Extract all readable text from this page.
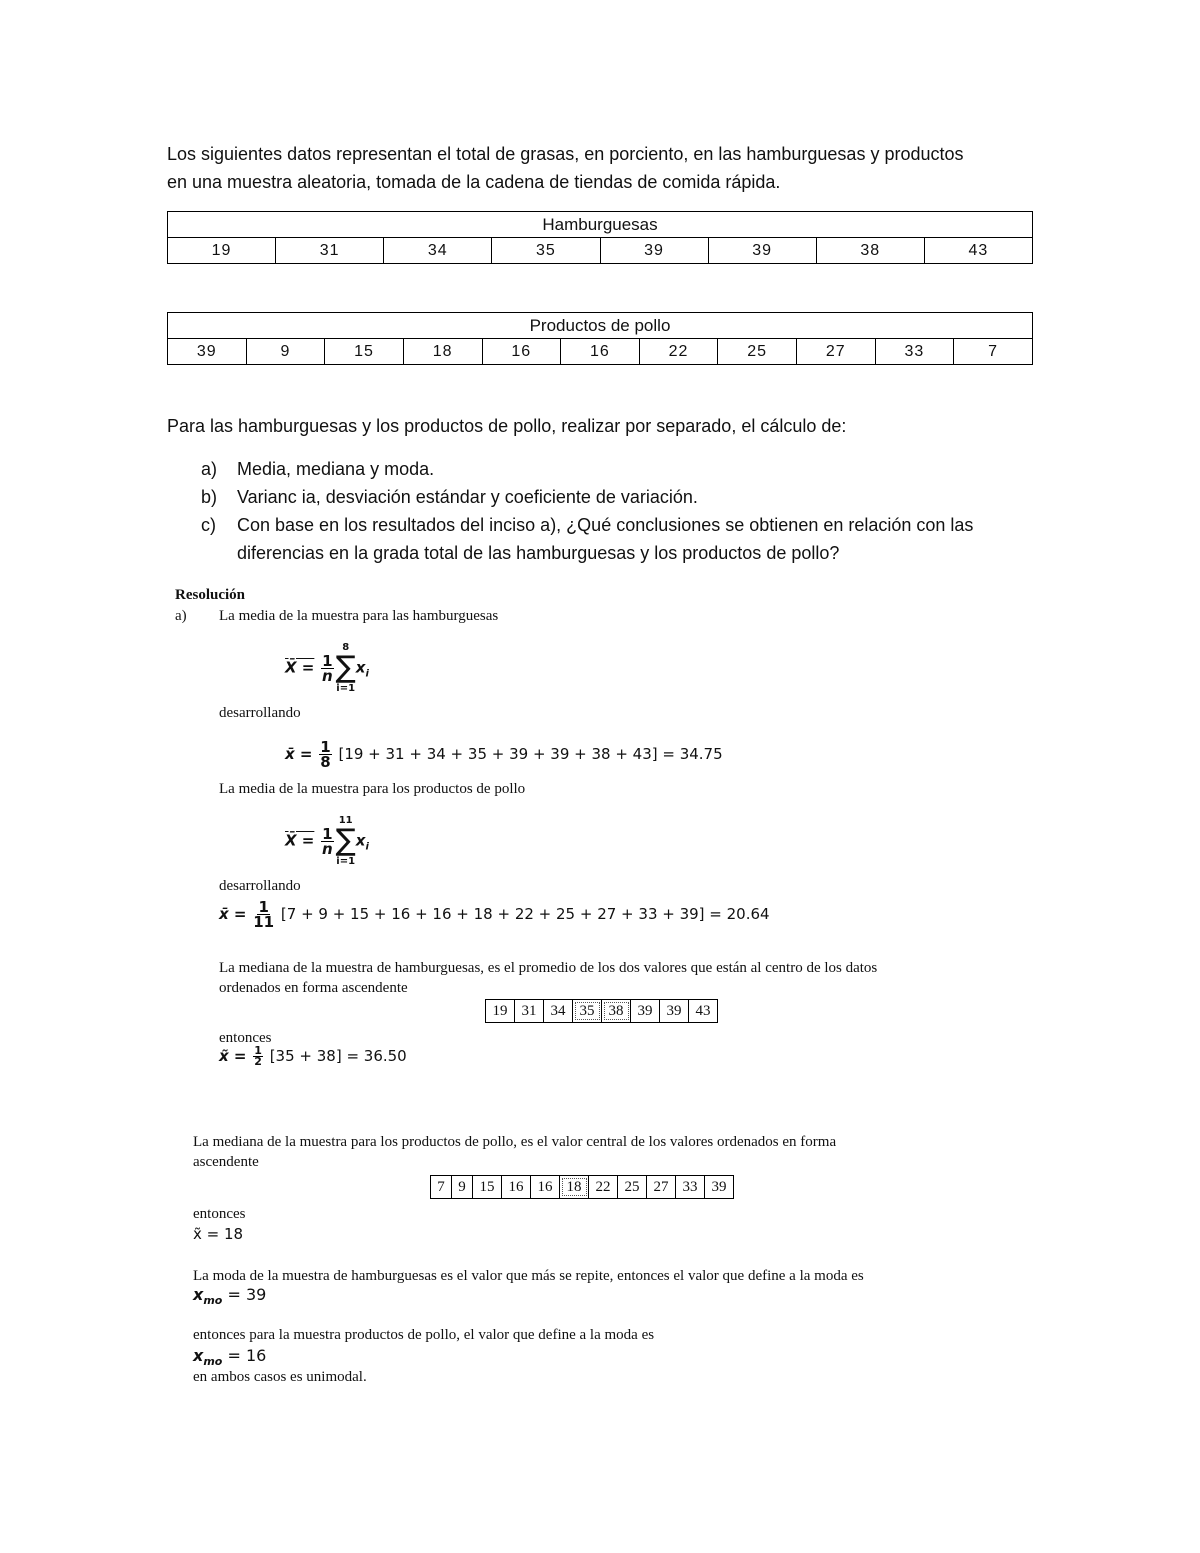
Los siguientes datos representan el total de grasas, en porciento, en las hamburguesas y productos
en una muestra aleatoria, tomada de la cadena de tiendas de comida rápida.
Hamburguesas
19	31	34	35	39	39	38	43
Productos de pollo
39	9	15	18	16	16	22	25	27	33	7
Para las hamburguesas y los productos de pollo, realizar por separado, el cálculo de:
a) Media, mediana y moda.
b) Varianc ia, desviación estándar y coeficiente de variación.
c) Con base en los resultados del inciso a), ¿Qué conclusiones se obtienen en relación con las
diferencias en la grada total de las hamburguesas y los productos de pollo?
Resolución
a) La media de la muestra para las hamburguesas
X̄ = $\frac{1}{n}$
8
∑
i=1
$x_i$
desarrollando
x̄ = $\frac{1}{8} [19 + 31 + 34 + 35 + 39 + 39 + 38 + 43] = 34.75$
La media de la muestra para los productos de pollo
X̄ = $\frac{1}{n}$
11
∑
i=1
$x_i$
desarrollando
x̄ = $\frac{1}{11} [7 + 9 + 15 + 16 + 16 + 18 + 22 + 25 + 27 + 33 + 39] = 20.64$
La mediana de la muestra de hamburguesas, es el promedio de los dos valores que están al centro de los datos
ordenados en forma ascendente
19 31 34 35 38 39 39 43
entonces
x̃ = $\frac{1}{2} [35 + 38] = 36.50$
La mediana de la muestra para los productos de pollo, es el valor central de los valores ordenados en forma
ascendente
7 9 15 16 16 18 22 25 27 33 39
entonces
x̃ = 18
La moda de la muestra de hamburguesas es el valor que más se repite, entonces el valor que define a la moda es
$x_{mo} = 39$
entonces para la muestra productos de pollo, el valor que define a la moda es
$x_{mo} = 16$
en ambos casos es unimodal.
